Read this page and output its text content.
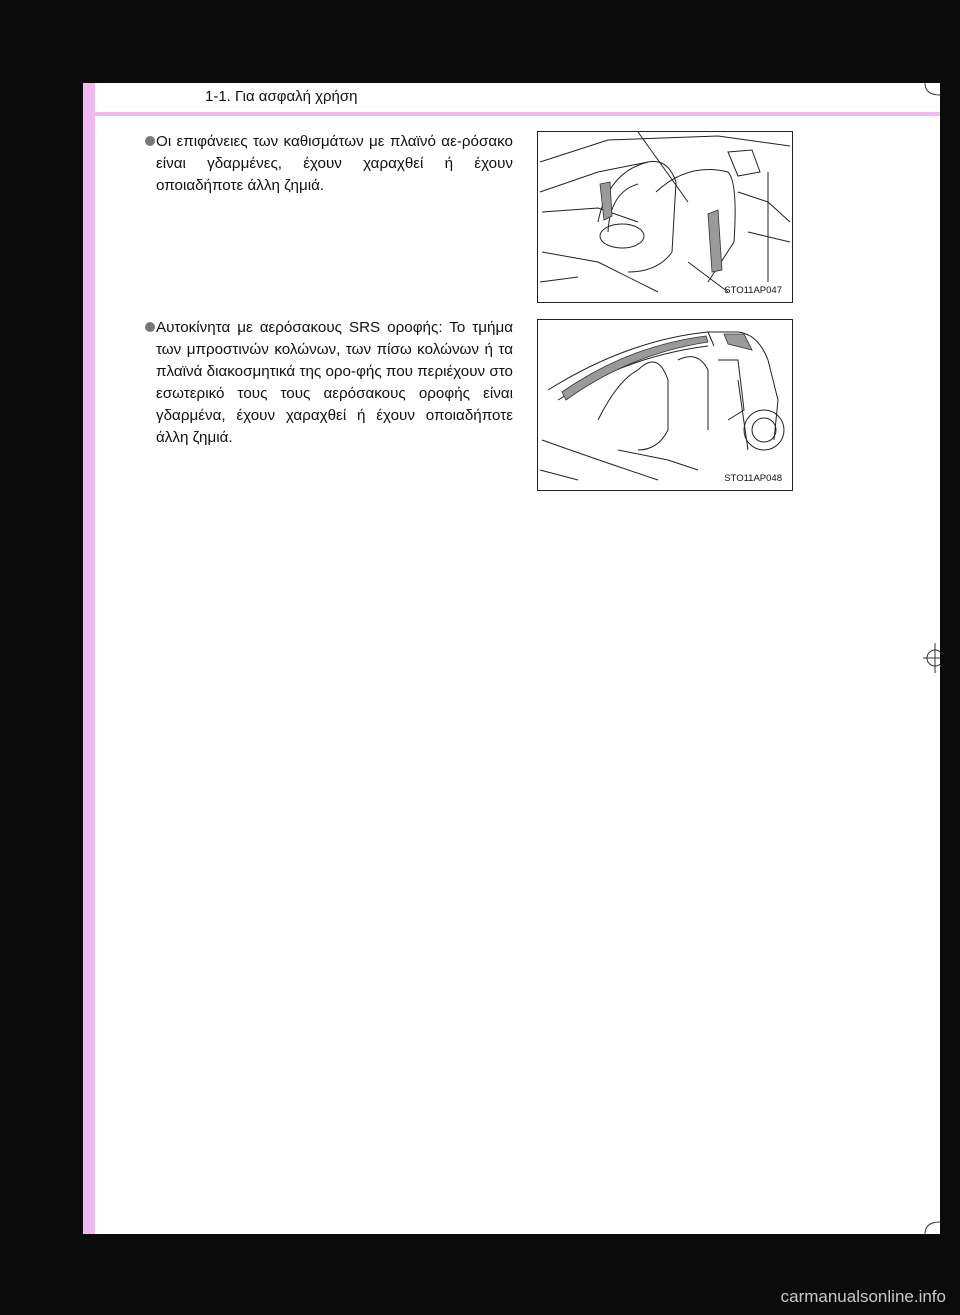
1-1. Για ασφαλή χρήση
Οι επιφάνειες των καθισμάτων με πλαϊνό αε-ρόσακο είναι γδαρμένες, έχουν χαραχθεί ή έχουν οποιαδήποτε άλλη ζημιά.
STO11AP047
Αυτοκίνητα με αερόσακους SRS οροφής: Το τμήμα των μπροστινών κολώνων, των πίσω κολώνων ή τα πλαϊνά διακοσμητικά της ορο-φής που περιέχουν στο εσωτερικό τους τους αερόσακους οροφής είναι γδαρμένα, έχουν χαραχθεί ή έχουν οποιαδήποτε άλλη ζημιά.
STO11AP048
carmanualsonline.info
